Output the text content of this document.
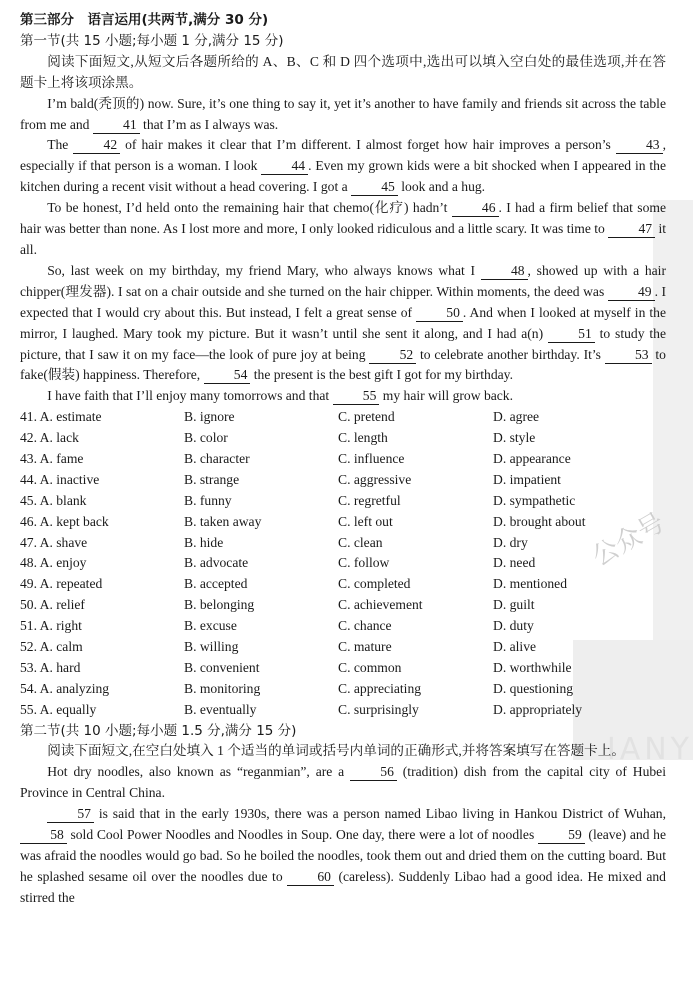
公众号
IANY
第三部分　语言运用(共两节,满分 30 分)
第一节(共 15 小题;每小题 1 分,满分 15 分)

阅读下面短文,从短文后各题所给的 A、B、C 和 D 四个选项中,选出可以填入空白处的最佳选项,并在答题卡上将该项涂黑。

I’m bald(秃顶的) now. Sure, it’s one thing to say it, yet it’s another to have family and friends sit across the table from me and 41 that I’m as I always was.

The 42 of hair makes it clear that I’m different. I almost forget how hair improves a person’s 43 , especially if that person is a woman. I look 44 . Even my grown kids were a bit shocked when I appeared in the kitchen during a recent visit without a head covering. I got a 45 look and a hug.

To be honest, I’d held onto the remaining hair that chemo(化疗) hadn’t 46 . I had a firm belief that some hair was better than none. As I lost more and more, I only looked ridiculous and a little scary. It was time to 47 it all.

So, last week on my birthday, my friend Mary, who always knows what I 48 , showed up with a hair chipper(理发器). I sat on a chair outside and she turned on the hair chipper. Within moments, the deed was 49 . I expected that I would cry about this. But instead, I felt a great sense of 50 . And when I looked at myself in the mirror, I laughed. Mary took my picture. But it wasn’t until she sent it along, and I had a(n) 51 to study the picture, that I saw it on my face—the look of pure joy at being 52 to celebrate another birthday. It’s 53 to fake(假装) happiness. Therefore, 54 the present is the best gift I got for my birthday.

I have faith that I’ll enjoy many tomorrows and that 55 my hair will grow back.

41. A. estimate	B. ignore	C. pretend	D. agree
42. A. lack	B. color	C. length	D. style
43. A. fame	B. character	C. influence	D. appearance
44. A. inactive	B. strange	C. aggressive	D. impatient
45. A. blank	B. funny	C. regretful	D. sympathetic
46. A. kept back	B. taken away	C. left out	D. brought about
47. A. shave	B. hide	C. clean	D. dry
48. A. enjoy	B. advocate	C. follow	D. need
49. A. repeated	B. accepted	C. completed	D. mentioned
50. A. relief	B. belonging	C. achievement	D. guilt
51. A. right	B. excuse	C. chance	D. duty
52. A. calm	B. willing	C. mature	D. alive
53. A. hard	B. convenient	C. common	D. worthwhile
54. A. analyzing	B. monitoring	C. appreciating	D. questioning
55. A. equally	B. eventually	C. surprisingly	D. appropriately
第二节(共 10 小题;每小题 1.5 分,满分 15 分)

阅读下面短文,在空白处填入 1 个适当的单词或括号内单词的正确形式,并将答案填写在答题卡上。

Hot dry noodles, also known as “reganmian”, are a 56 (tradition) dish from the capital city of Hubei Province in Central China.

57 is said that in the early 1930s, there was a person named Libao living in Hankou District of Wuhan, 58 sold Cool Power Noodles and Noodles in Soup. One day, there were a lot of noodles 59 (leave) and he was afraid the noodles would go bad. So he boiled the noodles, took them out and dried them on the cutting board. But he splashed sesame oil over the noodles due to 60 (careless). Suddenly Libao had a good idea. He mixed and stirred the
